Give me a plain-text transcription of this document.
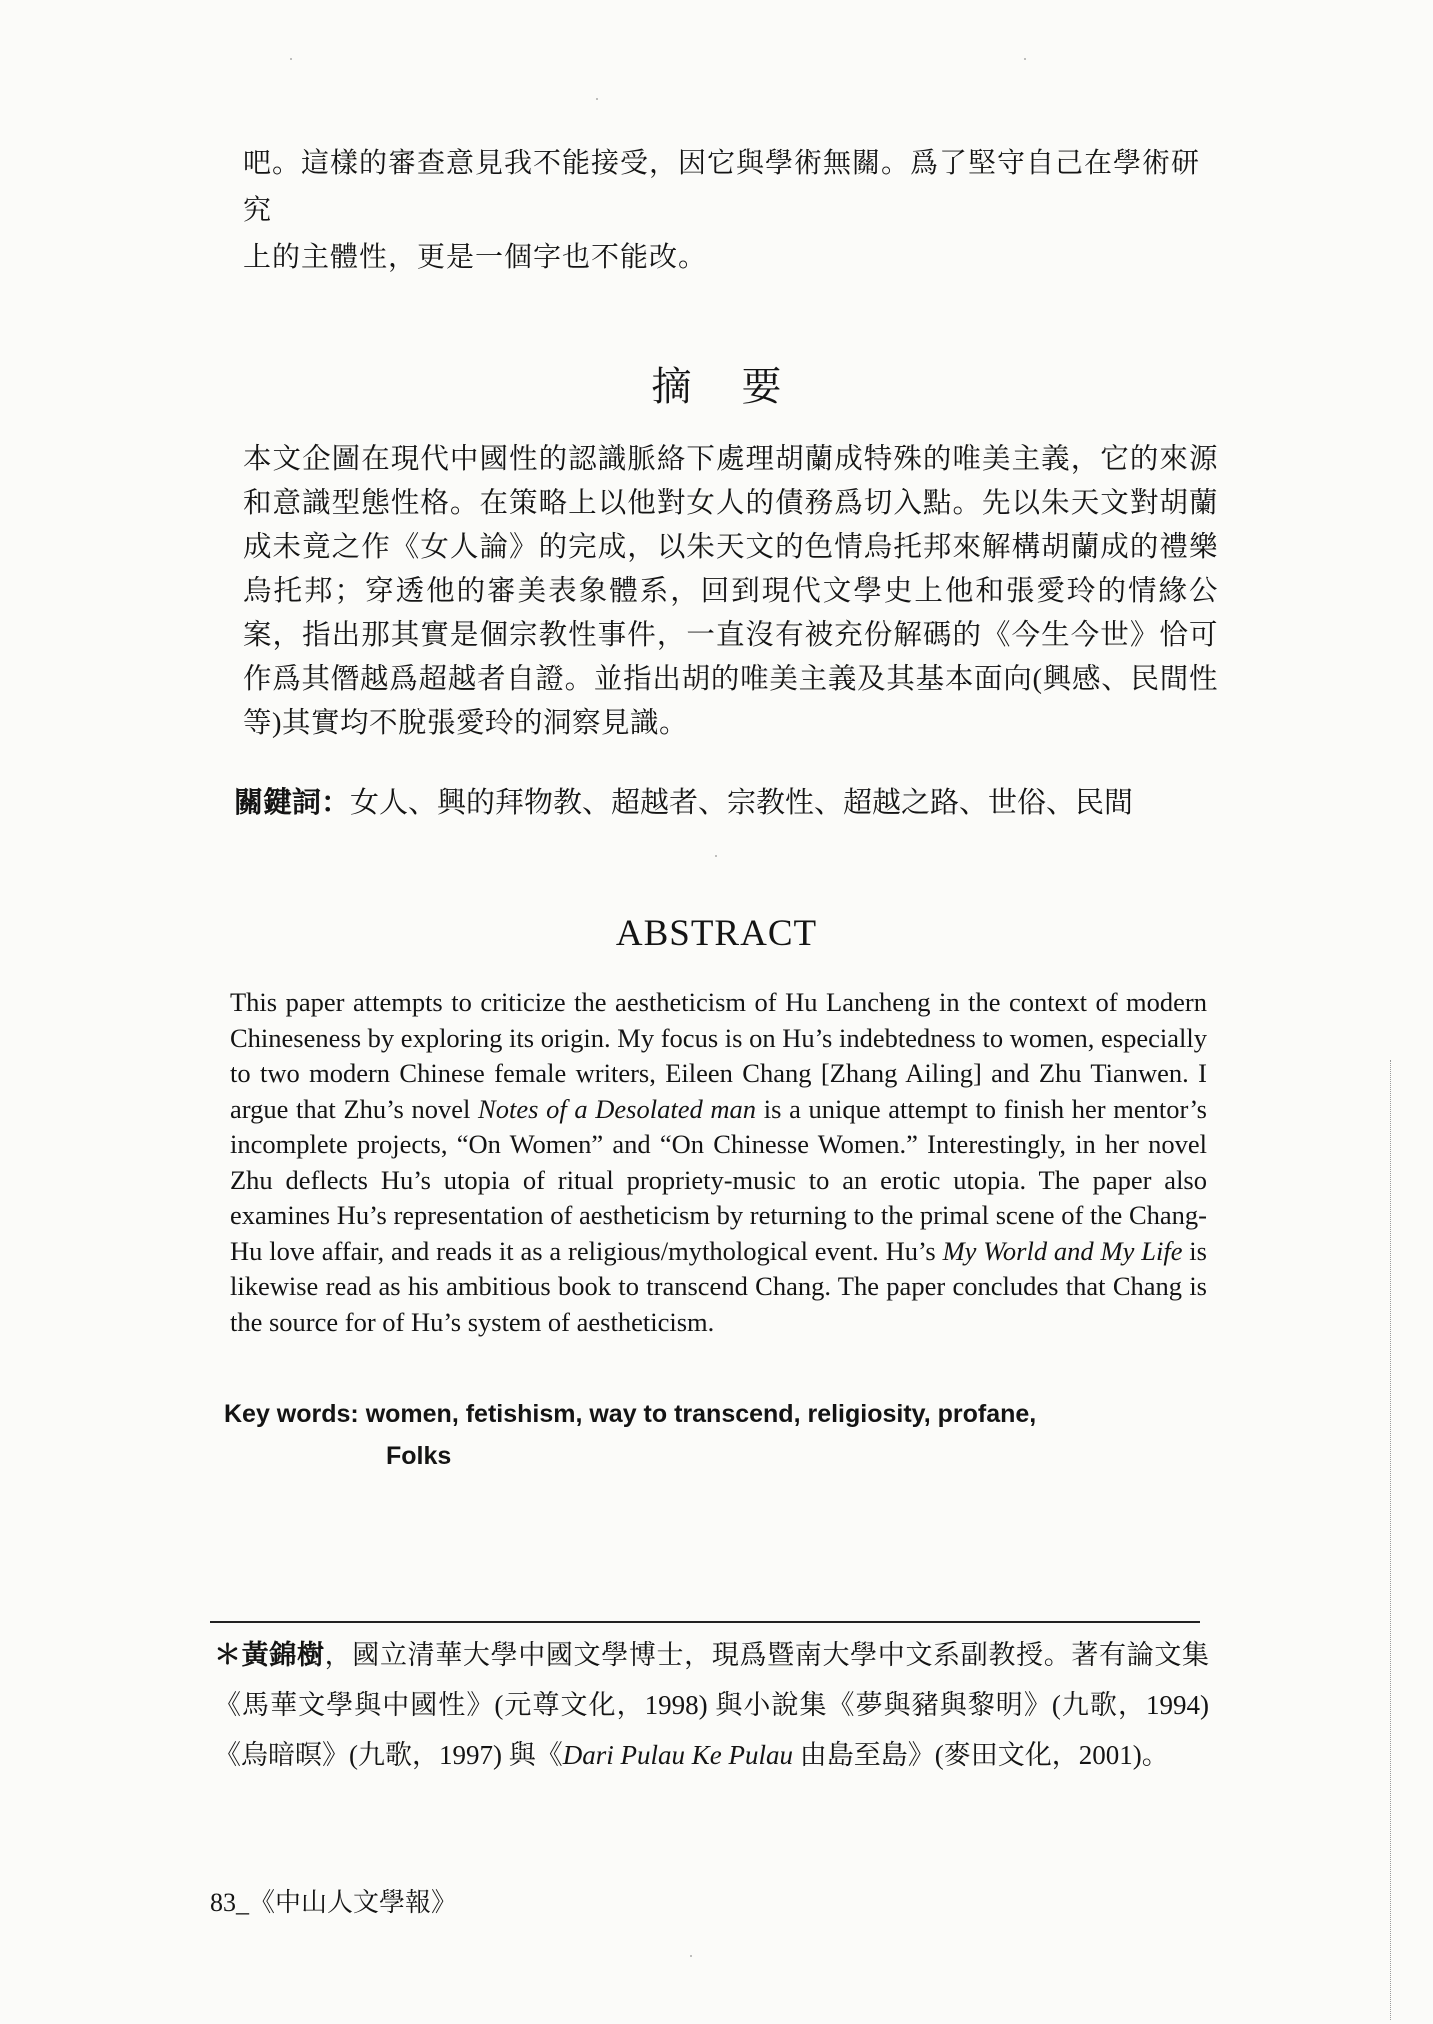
吧。這樣的審查意見我不能接受，因它與學術無關。爲了堅守自己在學術研究
上的主體性，更是一個字也不能改。
摘要
本文企圖在現代中國性的認識脈絡下處理胡蘭成特殊的唯美主義，它的來源和意識型態性格。在策略上以他對女人的債務爲切入點。先以朱天文對胡蘭成未竟之作《女人論》的完成，以朱天文的色情烏托邦來解構胡蘭成的禮樂烏托邦；穿透他的審美表象體系，回到現代文學史上他和張愛玲的情緣公案，指出那其實是個宗教性事件，一直沒有被充份解碼的《今生今世》恰可作爲其僭越爲超越者自證。並指出胡的唯美主義及其基本面向(興感、民間性等)其實均不脫張愛玲的洞察見識。
關鍵詞：女人、興的拜物教、超越者、宗教性、超越之路、世俗、民間
ABSTRACT
This paper attempts to criticize the aestheticism of Hu Lancheng in the context of modern Chineseness by exploring its origin. My focus is on Hu’s indebtedness to women, especially to two modern Chinese female writers, Eileen Chang [Zhang Ailing] and Zhu Tianwen. I argue that Zhu’s novel Notes of a Desolated man is a unique attempt to finish her mentor’s incomplete projects, “On Women” and “On Chinesse Women.” Interestingly, in her novel Zhu deflects Hu’s utopia of ritual propriety-music to an erotic utopia. The paper also examines Hu’s representation of aestheticism by returning to the primal scene of the Chang-Hu love affair, and reads it as a religious/mythological event. Hu’s My World and My Life is likewise read as his ambitious book to transcend Chang. The paper concludes that Chang is the source for of Hu’s system of aestheticism.
Key words: women, fetishism, way to transcend, religiosity, profane,
Folks
＊黃錦樹，國立清華大學中國文學博士，現爲暨南大學中文系副教授。著有論文集《馬華文學與中國性》(元尊文化，1998) 與小說集《夢與豬與黎明》(九歌，1994)《烏暗暝》(九歌，1997) 與《Dari Pulau Ke Pulau 由島至島》(麥田文化，2001)。
83_《中山人文學報》
